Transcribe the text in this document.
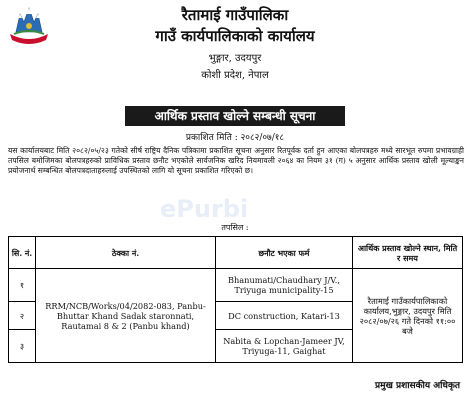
रैतामाई गाउँपालिका
गाउँ कार्यपालिकाको कार्यालय
भुङ्गार, उदयपुर
कोशी प्रदेश, नेपाल
आर्थिक प्रस्ताव खोल्ने सम्बन्धी सूचना
प्रकाशित मिति : २०८२/०७/१८
ePurbi
यस कार्यालयबाट मिति २०८२/०५/२३ गतेको सीर्ष राष्ट्रिय दैनिक पत्रिकामा प्रकाशित सूचना अनुसार रितपूर्वक दर्ता हुन आएका बोलपत्रहरु मध्ये सारभूत रुपमा प्रभावग्राही तपसिल बमोजिमका बोलपत्रहरुको प्राविधिक प्रस्ताव छनौट भएकोले सार्वजनिक खरिद नियमावली २०६४ का नियम ३१ (ग) ५ अनुसार आर्थिक प्रस्ताव खोली मूल्याङ्कन प्रयोजनार्थ सम्बन्धित बोलपत्रदाताहरुलाई उपस्थितको लागि यो सूचना प्रकाशित गरिएको छ।
तपसिल :
सि. नं.	ठेक्का नं.	छनौट भएका फर्म	आर्थिक प्रस्ताव खोल्ने स्थान, मिति र समय
१	RRM/NCB/Works/04/2082-083, Panbu-Bhuttar Khand Sadak staronnati, Rautamai 8 & 2 (Panbu khand)	Bhanumati/Chaudhary J/V., Triyuga municipality-15	रैतामाई गाउँकार्यपालिकाको कार्यालय,भुङ्गार, उदयपुर मिति २०८२/०७/२६ गते दिनको ११:०० बजे
२		DC construction, Katari-13	
३		Nabita & Lopchan-Jameer JV, Triyuga-11, Gaighat	
प्रमुख प्रशासकीय अधिकृत
